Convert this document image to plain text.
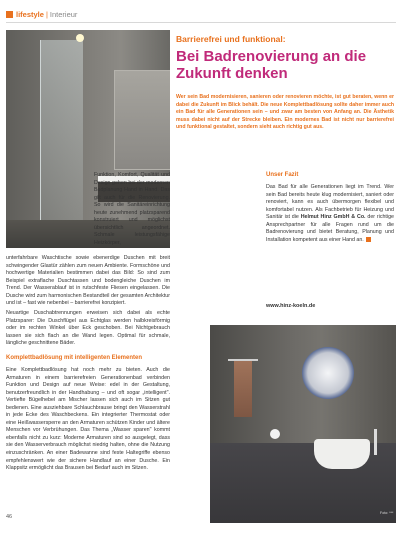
lifestyle | Interieur
Barrierefrei und funktional:
Bei Badrenovierung an die Zukunft denken
Wer sein Bad modernisieren, sanieren oder renovieren möchte, ist gut beraten, wenn er dabei die Zukunft im Blick behält. Die neue Komplettbadlösung sollte daher immer auch ein Bad für alle Generationen sein – und zwar am besten von Anfang an. Die Ästhetik muss dabei nicht auf der Strecke bleiben. Ein modernes Bad ist nicht nur barrierefrei und funktional gestaltet, sondern sieht auch richtig gut aus.
Funktion, Komfort, Qualität und Design gehen bei der modernen Badplanung Hand in Hand. Das gilt auch für die Renovierung. So wird die Sanitäreinrichtung heute zunehmend platzsparend konstruiert und möglichst übersichtlich angeordnet. Schmale leistungsfähige Heizkörper,
Unser Fazit
Das Bad für alle Generationen liegt im Trend. Wer sein Bad bereits heute klug modernisiert, saniert oder renoviert, kann es auch übermorgen flexibel und komfortabel nutzen. Als Fachbetrieb für Heizung und Sanitär ist die Helmut Hinz GmbH & Co. der richtige Ansprechpartner für alle Fragen rund um die Badrenovierung und bietet Beratung, Planung und Installation kompetent aus einer Hand an.
www.hinz-koeln.de
unterfahrbare Waschtische sowie ebenerdige Duschen mit breit schwingender Glastür zählen zum neuen Ambiente. Formschöne und hochwertige Materialien bestimmen dabei das Bild: So sind zum Beispiel extraflache Duschtassen und bodengleiche Duschen im Trend. Der Wasserablauf ist in rutschfeste Fliesen eingelassen. Die Dusche wird zum harmonischen Bestandteil der gesamten Architektur und ist – fast wie nebenbei – barrierefrei konzipiert.
Neuartige Duschabtrennungen erweisen sich dabei als echte Platzsparer: Die Duschflügel aus Echtglas werden halbkreisförmig oder im rechten Winkel über Eck geschoben. Bei Nichtgebrauch lassen sie sich flach an die Wand legen. Optimal für schmale, längliche geschnittene Bäder.
Komplettbadlösung mit intelligenten Elementen
Eine Komplettbadlösung hat noch mehr zu bieten. Auch die Armaturen in einem barrierefreien Generationenbad verbinden Funktion und Design auf neue Weise: edel in der Gestaltung, benutzerfreundlich in der Handhabung – und oft sogar „intelligent". Vertiefte Bügelhebel am Mischer lassen sich auch im Sitzen gut bedienen. Eine ausziehbare Schlauchbrause bringt den Wasserstrahl in jede Ecke des Waschbeckens. Ein integrierter Thermostat oder eine Heißwassersperre an den Armaturen schützen Kinder und ältere Menschen vor Verbrühungen. Das Thema „Wasser sparen" kommt ebenfalls nicht zu kurz: Moderne Armaturen sind so ausgelegt, dass sie den Wasserverbrauch möglichst niedrig halten, ohne die Nutzung einzuschränken. An einer Badewanne sind feste Haltegriffe ebenso empfehlenswert wie der sichere Handlauf an einer Dusche. Ein Klappsitz ermöglicht das Brausen bei Bedarf auch im Sitzen.
Foto: ***
46
